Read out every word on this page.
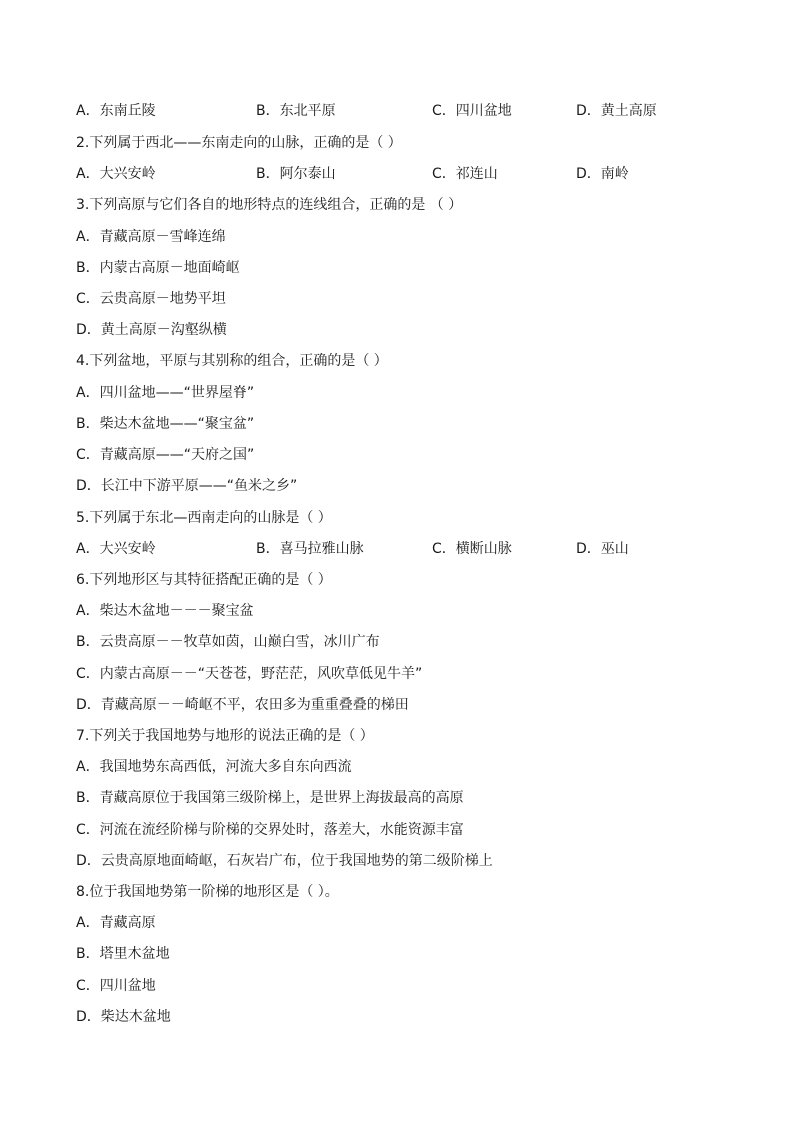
A．东南丘陵	B．东北平原	C．四川盆地	D．黄土高原
2.下列属于西北——东南走向的山脉，正确的是（ ）
A．大兴安岭	B．阿尔泰山	C．祁连山	D．南岭
3.下列高原与它们各自的地形特点的连线组合，正确的是 （ ）
A．青藏高原－雪峰连绵
B．内蒙古高原－地面崎岖
C．云贵高原－地势平坦
D．黄土高原－沟壑纵横
4.下列盆地，平原与其别称的组合，正确的是（ ）
A．四川盆地——“世界屋脊”
B．柴达木盆地——“聚宝盆”
C．青藏高原——“天府之国”
D．长江中下游平原——“鱼米之乡”
5.下列属于东北—西南走向的山脉是（ ）
A．大兴安岭	B．喜马拉雅山脉	C．横断山脉	D．巫山
6.下列地形区与其特征搭配正确的是（ ）
A．柴达木盆地－－－聚宝盆
B．云贵高原－－牧草如茵，山巅白雪，冰川广布
C．内蒙古高原－－“天苍苍，野茫茫，风吹草低见牛羊”
D．青藏高原－－崎岖不平，农田多为重重叠叠的梯田
7.下列关于我国地势与地形的说法正确的是（ ）
A．我国地势东高西低，河流大多自东向西流
B．青藏高原位于我国第三级阶梯上，是世界上海拔最高的高原
C．河流在流经阶梯与阶梯的交界处时，落差大，水能资源丰富
D．云贵高原地面崎岖，石灰岩广布，位于我国地势的第二级阶梯上
8.位于我国地势第一阶梯的地形区是（ ）。
A．青藏高原
B．塔里木盆地
C．四川盆地
D．柴达木盆地
